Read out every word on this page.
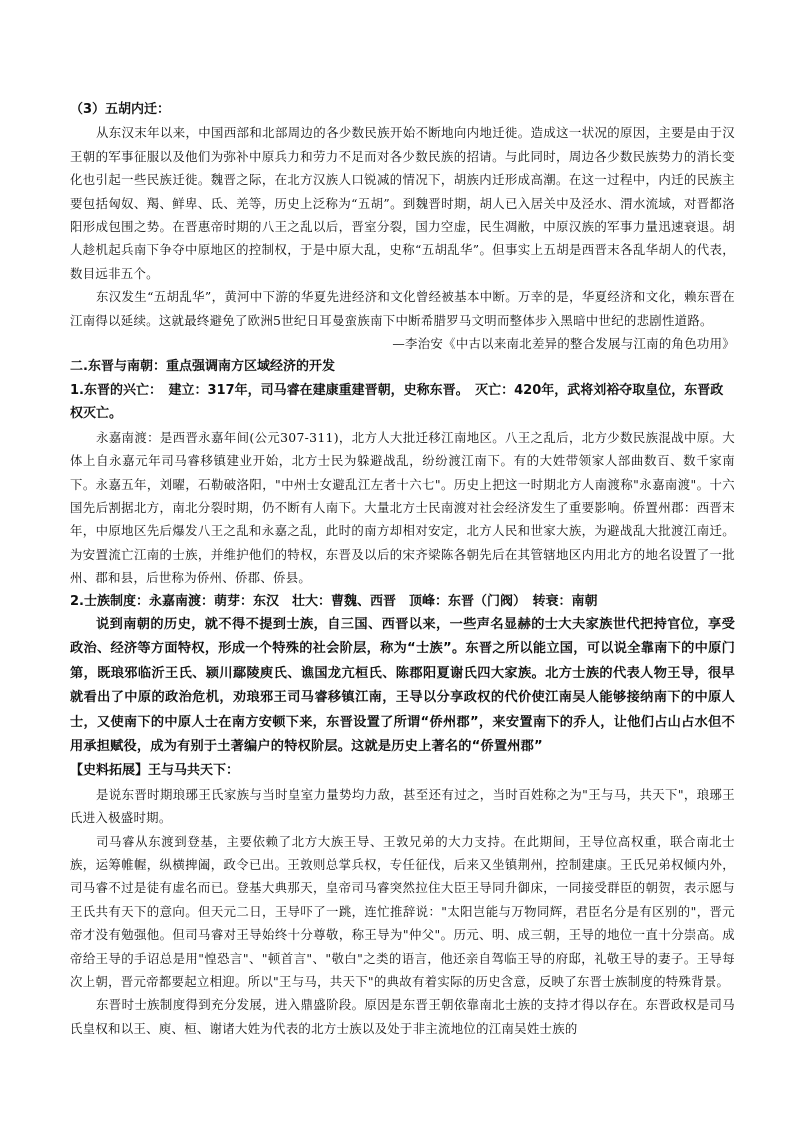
（3）五胡内迁：

从东汉末年以来，中国西部和北部周边的各少数民族开始不断地向内地迁徙。造成这一状况的原因，主要是由于汉王朝的军事征服以及他们为弥补中原兵力和劳力不足而对各少数民族的招请。与此同时，周边各少数民族势力的消长变化也引起一些民族迁徙。魏晋之际，在北方汉族人口锐减的情况下，胡族内迁形成高潮。在这一过程中，内迁的民族主要包括匈奴、羯、鲜卑、氐、羌等，历史上泛称为“五胡”。到魏晋时期，胡人已入居关中及泾水、渭水流域，对晋都洛阳形成包围之势。在晋惠帝时期的八王之乱以后，晋室分裂，国力空虚，民生凋敝，中原汉族的军事力量迅速衰退。胡人趁机起兵南下争夺中原地区的控制权，于是中原大乱，史称“五胡乱华”。但事实上五胡是西晋末各乱华胡人的代表，数目远非五个。

东汉发生“五胡乱华”，黄河中下游的华夏先进经济和文化曾经被基本中断。万幸的是，华夏经济和文化，赖东晋在江南得以延续。这就最终避免了欧洲5世纪日耳曼蛮族南下中断希腊罗马文明而整体步入黑暗中世纪的悲剧性道路。

—李治安《中古以来南北差异的整合发展与江南的角色功用》

二.东晋与南朝：重点强调南方区域经济的开发

1.东晋的兴亡：　建立：317年，司马睿在建康重建晋朝，史称东晋。　灭亡：420年，武将刘裕夺取皇位，东晋政权灭亡。

永嘉南渡：是西晋永嘉年间(公元307-311)，北方人大批迁移江南地区。八王之乱后，北方少数民族混战中原。大体上自永嘉元年司马睿移镇建业开始，北方士民为躲避战乱，纷纷渡江南下。有的大姓带领家人部曲数百、数千家南下。永嘉五年，刘曜，石勒破洛阳，"中州士女避乱江左者十六七"。历史上把这一时期北方人南渡称"永嘉南渡"。十六国先后割据北方，南北分裂时期，仍不断有人南下。大量北方士民南渡对社会经济发生了重要影响。侨置州郡：西晋末年，中原地区先后爆发八王之乱和永嘉之乱，此时的南方却相对安定，北方人民和世家大族，为避战乱大批渡江南迁。为安置流亡江南的士族，并维护他们的特权，东晋及以后的宋齐梁陈各朝先后在其管辖地区内用北方的地名设置了一批州、郡和县，后世称为侨州、侨郡、侨县。

2.士族制度：永嘉南渡：萌芽：东汉　壮大：曹魏、西晋　顶峰：东晋（门阀）　转衰：南朝

说到南朝的历史，就不得不提到士族，自三国、西晋以来，一些声名显赫的士大夫家族世代把持官位，享受政治、经济等方面特权，形成一个特殊的社会阶层，称为“士族”。东晋之所以能立国，可以说全靠南下的中原门第，既琅邪临沂王氏、颍川鄢陵庾氏、谯国龙亢桓氏、陈郡阳夏谢氏四大家族。北方士族的代表人物王导，很早就看出了中原的政治危机，劝琅邪王司马睿移镇江南，王导以分享政权的代价使江南吴人能够接纳南下的中原人士，又使南下的中原人士在南方安顿下来，东晋设置了所谓“侨州郡”，来安置南下的乔人，让他们占山占水但不用承担赋役，成为有别于土著编户的特权阶层。这就是历史上著名的“侨置州郡”

【史料拓展】王与马共天下：

是说东晋时期琅琊王氏家族与当时皇室力量势均力敌，甚至还有过之，当时百姓称之为"王与马，共天下"，琅琊王氏进入极盛时期。

司马睿从东渡到登基，主要依赖了北方大族王导、王敦兄弟的大力支持。在此期间，王导位高权重，联合南北士族，运筹帷幄，纵横捭阖，政令已出。王敦则总掌兵权，专任征伐，后来又坐镇荆州，控制建康。王氏兄弟权倾内外，司马睿不过是徒有虚名而已。登基大典那天，皇帝司马睿突然拉住大臣王导同升御床，一同接受群臣的朝贺，表示愿与王氏共有天下的意向。但天元二日，王导吓了一跳，连忙推辞说："太阳岂能与万物同辉，君臣名分是有区别的"，晋元帝才没有勉强他。但司马睿对王导始终十分尊敬，称王导为"仲父"。历元、明、成三朝，王导的地位一直十分崇高。成帝给王导的手诏总是用"惶恐言"、"顿首言"、"敬白"之类的语言，他还亲自驾临王导的府邸，礼敬王导的妻子。王导每次上朝，晋元帝都要起立相迎。所以"王与马，共天下"的典故有着实际的历史含意，反映了东晋士族制度的特殊背景。

东晋时士族制度得到充分发展，进入鼎盛阶段。原因是东晋王朝依靠南北士族的支持才得以存在。东晋政权是司马氏皇权和以王、庾、桓、谢诸大姓为代表的北方士族以及处于非主流地位的江南吴姓士族的
